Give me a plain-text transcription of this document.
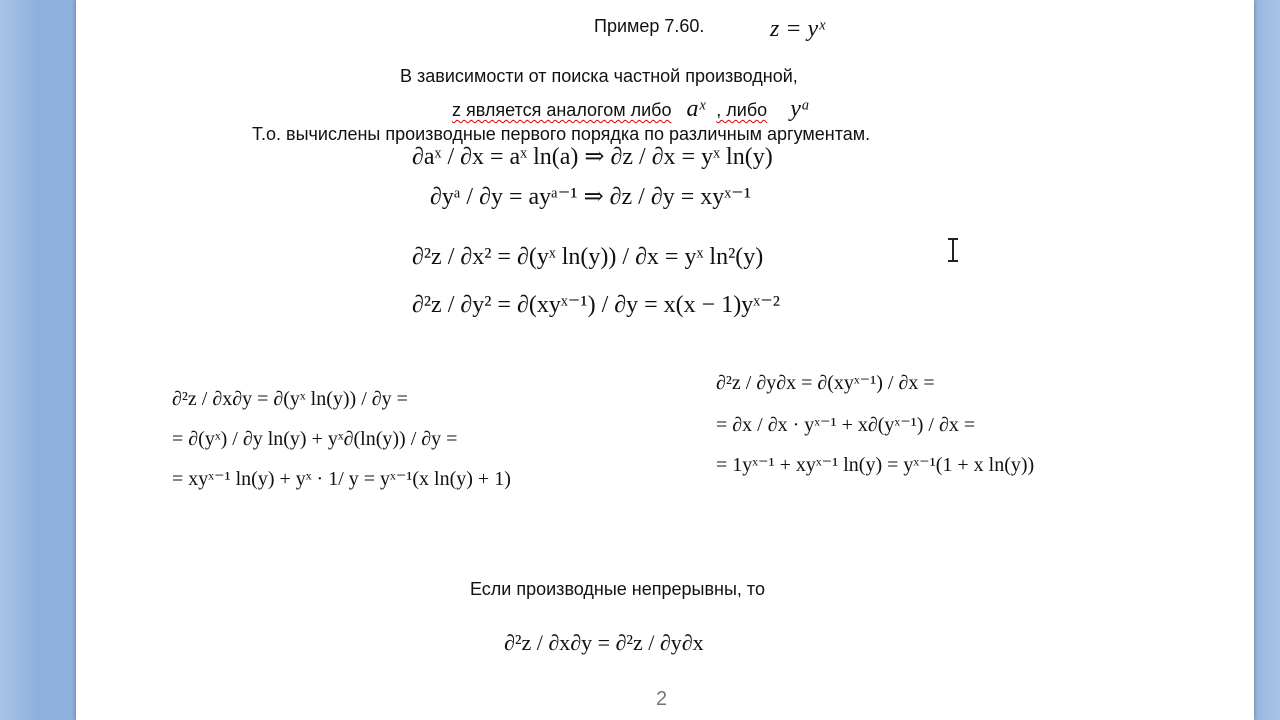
Пример 7.60.	z = yˣ
В зависимости от поиска частной производной,
z является аналогом либо aˣ , либо yᵃ
Т.о. вычислены производные первого порядка по различным аргументам.
∂aˣ / ∂x = aˣ ln(a) ⇒ ∂z / ∂x = yˣ ln(y)
∂yᵃ / ∂y = ayᵃ⁻¹ ⇒ ∂z / ∂y = xyˣ⁻¹
∂²z / ∂x² = ∂(yˣ ln(y)) / ∂x = yˣ ln²(y)
∂²z / ∂y² = ∂(xyˣ⁻¹) / ∂y = x(x − 1)yˣ⁻²
∂²z / ∂x∂y = ∂(yˣ ln(y)) / ∂y =
= ∂(yˣ) / ∂y ln(y) + yˣ∂(ln(y)) / ∂y =
= xyˣ⁻¹ ln(y) + yˣ · 1/ y = yˣ⁻¹(x ln(y) + 1)
∂²z / ∂y∂x = ∂(xyˣ⁻¹) / ∂x =
= ∂x / ∂x · yˣ⁻¹ + x∂(yˣ⁻¹) / ∂x =
= 1yˣ⁻¹ + xyˣ⁻¹ ln(y) = yˣ⁻¹(1 + x ln(y))
Если производные непрерывны, то
∂²z / ∂x∂y = ∂²z / ∂y∂x
2
